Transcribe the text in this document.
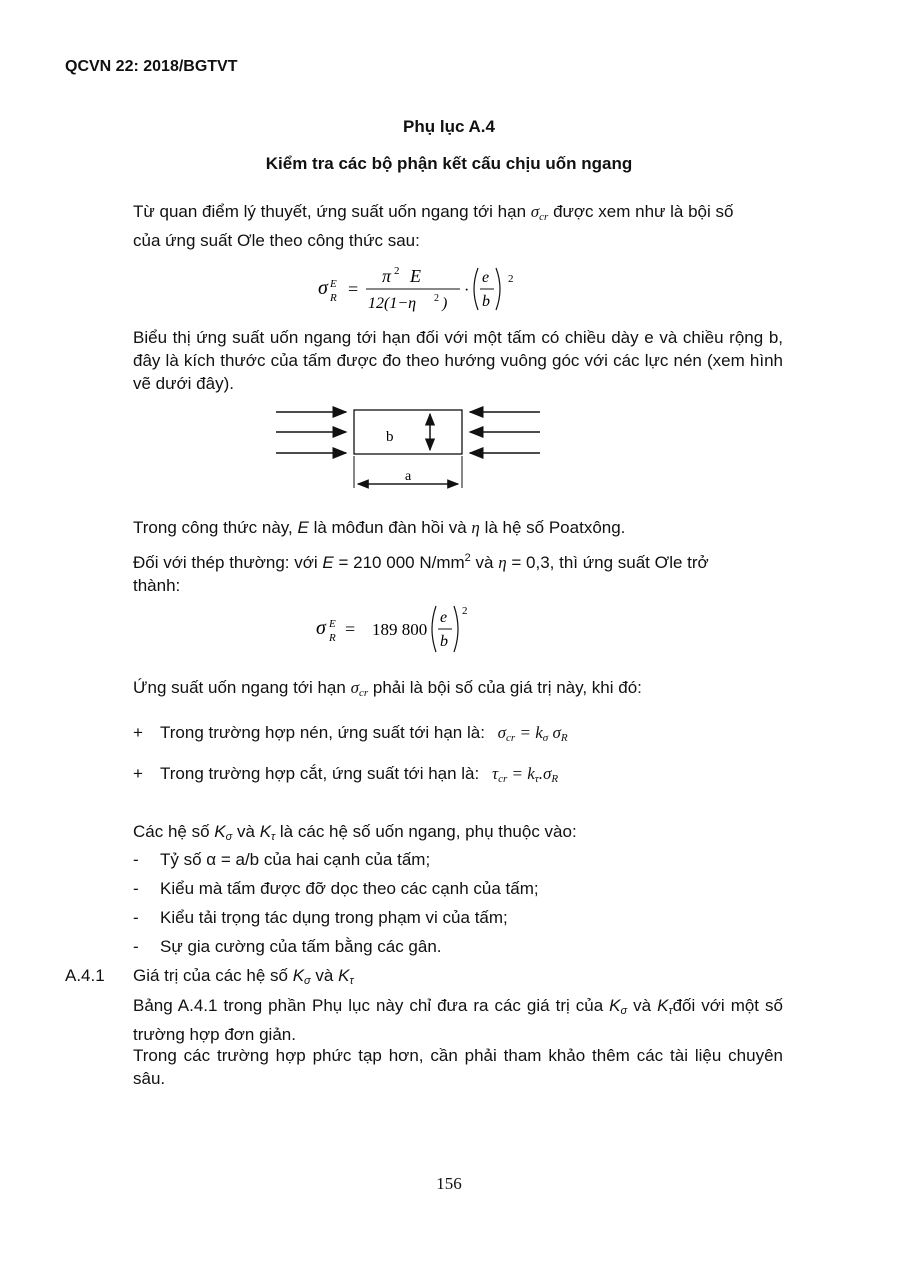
QCVN 22: 2018/BGTVT
Phụ lục A.4
Kiểm tra các bộ phận kết cấu chịu uốn ngang
Từ quan điểm lý thuyết, ứng suất uốn ngang tới hạn $\sigma_{cr}$ được xem như là bội số
của ứng suất Ơle theo công thức sau:
σ E
R =
π 2 E
12(1−η 2 )
·
e
b
2
Biểu thị ứng suất uốn ngang tới hạn đối với một tấm có chiều dày e và chiều rộng b, đây là kích thước của tấm được đo theo hướng vuông góc với các lực nén (xem hình vẽ dưới đây).
b
a
Trong công thức này, E là môđun đàn hồi và η là hệ số Poatxông.
Đối với thép thường: với E = 210 000 $N/mm^2$ và η = 0,3, thì ứng suất Ơle trở
thành:
σ E
R = 189 800
e
b
2
Ứng suất uốn ngang tới hạn $\sigma_{cr}$ phải là bội số của giá trị này, khi đó:
+ Trong trường hợp nén, ứng suất tới hạn là: $\sigma_{cr} = k_\sigma$ $\sigma_R$
+ Trong trường hợp cắt, ứng suất tới hạn là: $\tau_{cr} = k_\tau.\sigma_R$
Các hệ số $K_\sigma$ và $K_\tau$ là các hệ số uốn ngang, phụ thuộc vào:
- Tỷ số α = a/b của hai cạnh của tấm;
- Kiểu mà tấm được đỡ dọc theo các cạnh của tấm;
- Kiểu tải trọng tác dụng trong phạm vi của tấm;
- Sự gia cường của tấm bằng các gân.
A.4.1 Giá trị của các hệ số $K_\sigma$ và $K_\tau$
Bảng A.4.1 trong phần Phụ lục này chỉ đưa ra các giá trị của $K_\sigma$ và $K_\tau đối$ với một số trường hợp đơn giản.
Trong các trường hợp phức tạp hơn, cần phải tham khảo thêm các tài liệu chuyên sâu.
156
